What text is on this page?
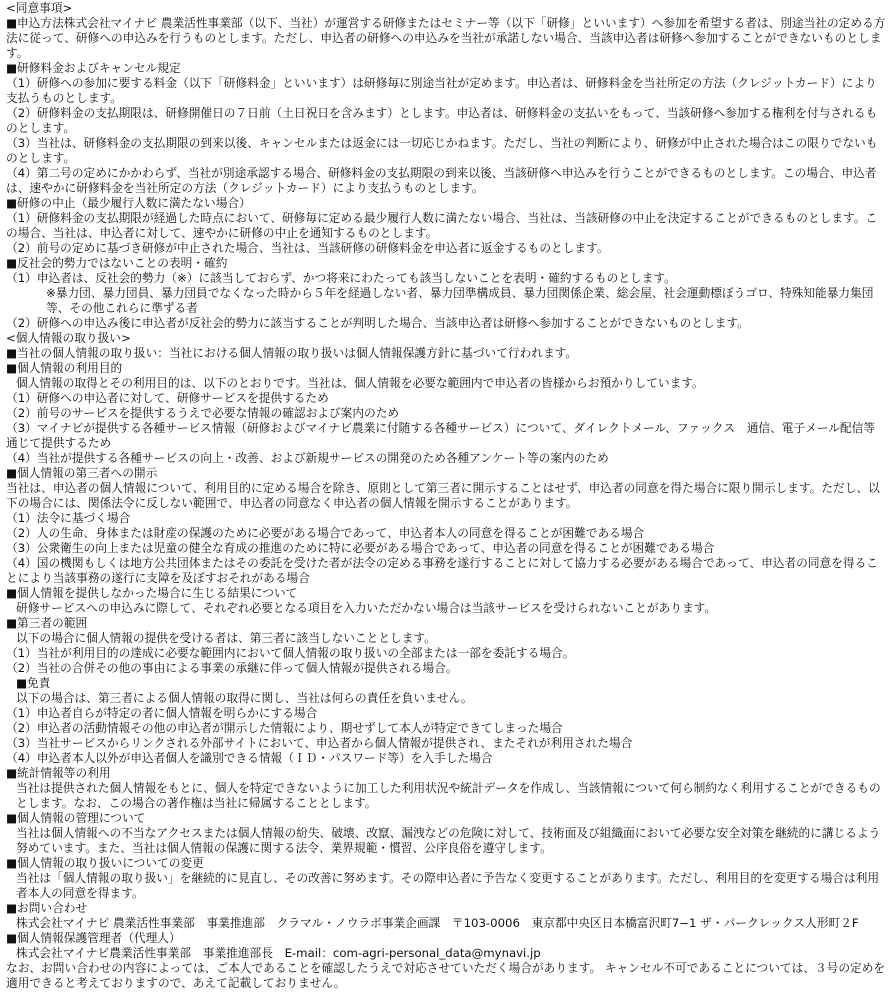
<同意事項>

■申込方法株式会社マイナビ 農業活性事業部（以下、当社）が運営する研修またはセミナー等（以下「研修」といいます）へ参加を希望する者は、別途当社の定める方法に従って、研修への申込みを行うものとします。ただし、申込者の研修への申込みを当社が承諾しない場合、当該申込者は研修へ参加することができないものとします。

■研修料金およびキャンセル規定

（1）研修への参加に要する料金（以下「研修料金」といいます）は研修毎に別途当社が定めます。申込者は、研修料金を当社所定の方法（クレジットカード）により支払うものとします。

（2）研修料金の支払期限は、研修開催日の７日前（土日祝日を含みます）とします。申込者は、研修料金の支払いをもって、当該研修へ参加する権利を付与されるものとします。

（3）当社は、研修料金の支払期限の到来以後、キャンセルまたは返金には一切応じかねます。ただし、当社の判断により、研修が中止された場合はこの限りでないものとします。

（4）第二号の定めにかかわらず、当社が別途承認する場合、研修料金の支払期限の到来以後、当該研修へ申込みを行うことができるものとします。この場合、申込者は、速やかに研修料金を当社所定の方法（クレジットカード）により支払うものとします。

■研修の中止（最少履行人数に満たない場合）

（1）研修料金の支払期限が経過した時点において、研修毎に定める最少履行人数に満たない場合、当社は、当該研修の中止を決定することができるものとします。この場合、当社は、申込者に対して、速やかに研修の中止を通知するものとします。

（2）前号の定めに基づき研修が中止された場合、当社は、当該研修の研修料金を申込者に返金するものとします。

■反社会的勢力ではないことの表明・確約

（1）申込者は、反社会的勢力（※）に該当しておらず、かつ将来にわたっても該当しないことを表明・確約するものとします。

※暴力団、暴力団員、暴力団員でなくなった時から５年を経過しない者、暴力団準構成員、暴力団関係企業、総会屋、社会運動標ぼうゴロ、特殊知能暴力集団等、その他これらに準ずる者

（2）研修への申込み後に申込者が反社会的勢力に該当することが判明した場合、当該申込者は研修へ参加することができないものとします。

<個人情報の取り扱い>

■当社の個人情報の取り扱い：当社における個人情報の取り扱いは個人情報保護方針に基づいて行われます。

■個人情報の利用目的

個人情報の取得とその利用目的は、以下のとおりです。当社は、個人情報を必要な範囲内で申込者の皆様からお預かりしています。

（1）研修への申込者に対して、研修サービスを提供するため

（2）前号のサービスを提供するうえで必要な情報の確認および案内のため

（3）マイナビが提供する各種サービス情報（研修およびマイナビ農業に付随する各種サービス）について、ダイレクトメール、ファックス　通信、電子メール配信等通じて提供するため

（4）当社が提供する各種サービスの向上・改善、および新規サービスの開発のため各種アンケート等の案内のため

■個人情報の第三者への開示

当社は、申込者の個人情報について、利用目的に定める場合を除き、原則として第三者に開示することはせず、申込者の同意を得た場合に限り開示します。ただし、以下の場合には、関係法令に反しない範囲で、申込者の同意なく申込者の個人情報を開示することがあります。

（1）法令に基づく場合

（2）人の生命、身体または財産の保護のために必要がある場合であって、申込者本人の同意を得ることが困難である場合

（3）公衆衛生の向上または児童の健全な育成の推進のために特に必要がある場合であって、申込者の同意を得ることが困難である場合

（4）国の機関もしくは地方公共団体またはその委託を受けた者が法令の定める事務を遂行することに対して協力する必要がある場合であって、申込者の同意を得ることにより当該事務の遂行に支障を及ぼすおそれがある場合

■個人情報を提供しなかった場合に生じる結果について

研修サービスへの申込みに際して、それぞれ必要となる項目を入力いただかない場合は当該サービスを受けられないことがあります。

■第三者の範囲

以下の場合に個人情報の提供を受ける者は、第三者に該当しないこととします。

（1）当社が利用目的の達成に必要な範囲内において個人情報の取り扱いの全部または一部を委託する場合。

（2）当社の合併その他の事由による事業の承継に伴って個人情報が提供される場合。

■免責

以下の場合は、第三者による個人情報の取得に関し、当社は何らの責任を負いません。

（1）申込者自らが特定の者に個人情報を明らかにする場合

（2）申込者の活動情報その他の申込者が開示した情報により、期せずして本人が特定できてしまった場合

（3）当社サービスからリンクされる外部サイトにおいて、申込者から個人情報が提供され、またそれが利用された場合

（4）申込者本人以外が申込者個人を識別できる情報（ＩＤ・パスワード等）を入手した場合

■統計情報等の利用

当社は提供された個人情報をもとに、個人を特定できないように加工した利用状況や統計データを作成し、当該情報について何ら制約なく利用することができるものとします。なお、この場合の著作権は当社に帰属することとします。

■個人情報の管理について

当社は個人情報への不当なアクセスまたは個人情報の紛失、破壊、改竄、漏洩などの危険に対して、技術面及び組織面において必要な安全対策を継続的に講じるよう努めています。また、当社は個人情報の保護に関する法令、業界規範・慣習、公序良俗を遵守します。

■個人情報の取り扱いについての変更

当社は「個人情報の取り扱い」を継続的に見直し、その改善に努めます。その際申込者に予告なく変更することがあります。ただし、利用目的を変更する場合は利用者本人の同意を得ます。

■お問い合わせ

株式会社マイナビ 農業活性事業部　事業推進部　クラマル・ノウラボ事業企画課　〒103-0006　東京都中央区日本橋富沢町7−1 ザ・パークレックス人形町２F

■個人情報保護管理者（代理人）

株式会社マイナビ農業活性事業部　事業推進部長　E-mail：com-agri-personal_data@mynavi.jp

なお、お問い合わせの内容によっては、ご本人であることを確認したうえで対応させていただく場合があります。 キャンセル不可であることについては、３号の定めを適用できると考えておりますので、あえて記載しておりません。
